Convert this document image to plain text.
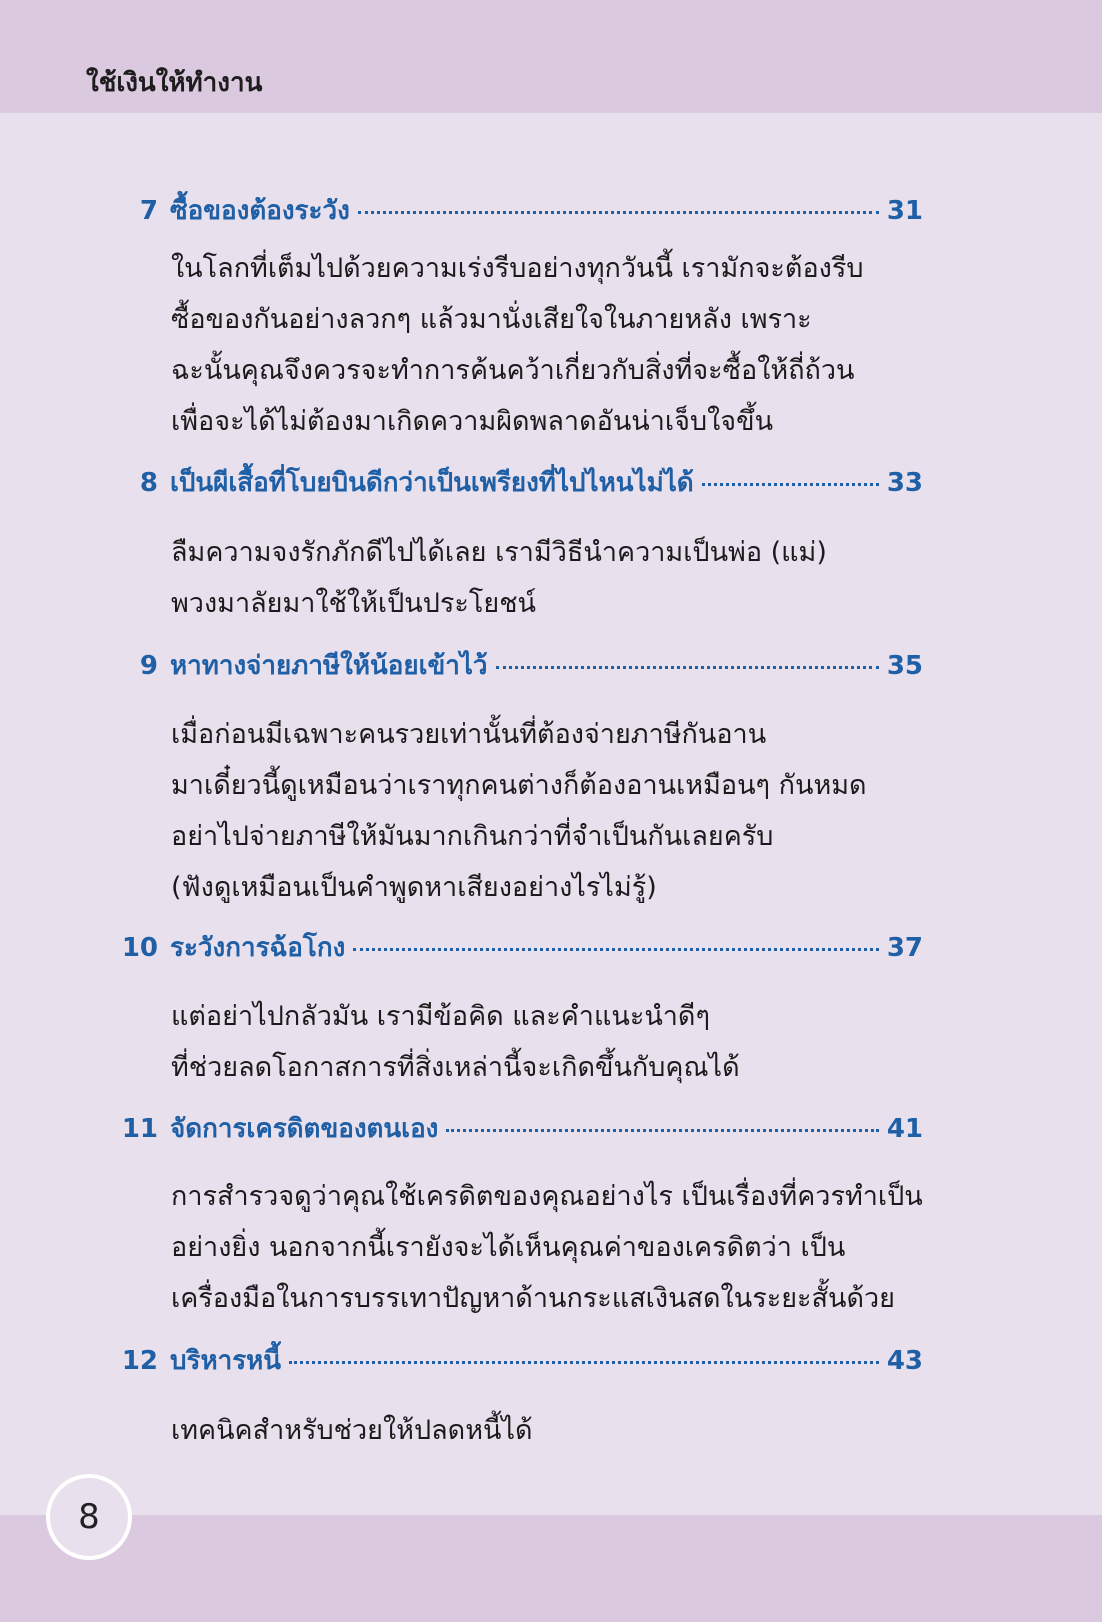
ใช้เงินให้ทำงาน
7 ซื้อของต้องระวัง	31
ในโลกที่เต็มไปด้วยความเร่งรีบอย่างทุกวันนี้ เรามักจะต้องรีบ
ซื้อของกันอย่างลวกๆ แล้วมานั่งเสียใจในภายหลัง เพราะ
ฉะนั้นคุณจึงควรจะทำการค้นคว้าเกี่ยวกับสิ่งที่จะซื้อให้ถี่ถ้วน
เพื่อจะได้ไม่ต้องมาเกิดความผิดพลาดอันน่าเจ็บใจขึ้น
8 เป็นผีเสื้อที่โบยบินดีกว่าเป็นเพรียงที่ไปไหนไม่ได้	33
ลืมความจงรักภักดีไปได้เลย เรามีวิธีนำความเป็นพ่อ (แม่)
พวงมาลัยมาใช้ให้เป็นประโยชน์
9 หาทางจ่ายภาษีให้น้อยเข้าไว้	35
เมื่อก่อนมีเฉพาะคนรวยเท่านั้นที่ต้องจ่ายภาษีกันอาน
มาเดี๋ยวนี้ดูเหมือนว่าเราทุกคนต่างก็ต้องอานเหมือนๆ กันหมด
อย่าไปจ่ายภาษีให้มันมากเกินกว่าที่จำเป็นกันเลยครับ
(ฟังดูเหมือนเป็นคำพูดหาเสียงอย่างไรไม่รู้)
10 ระวังการฉ้อโกง	37
แต่อย่าไปกลัวมัน เรามีข้อคิด และคำแนะนำดีๆ
ที่ช่วยลดโอกาสการที่สิ่งเหล่านี้จะเกิดขึ้นกับคุณได้
11 จัดการเครดิตของตนเอง	41
การสำรวจดูว่าคุณใช้เครดิตของคุณอย่างไร เป็นเรื่องที่ควรทำเป็น
อย่างยิ่ง นอกจากนี้เรายังจะได้เห็นคุณค่าของเครดิตว่า เป็น
เครื่องมือในการบรรเทาปัญหาด้านกระแสเงินสดในระยะสั้นด้วย
12 บริหารหนี้	43
เทคนิคสำหรับช่วยให้ปลดหนี้ได้
8
